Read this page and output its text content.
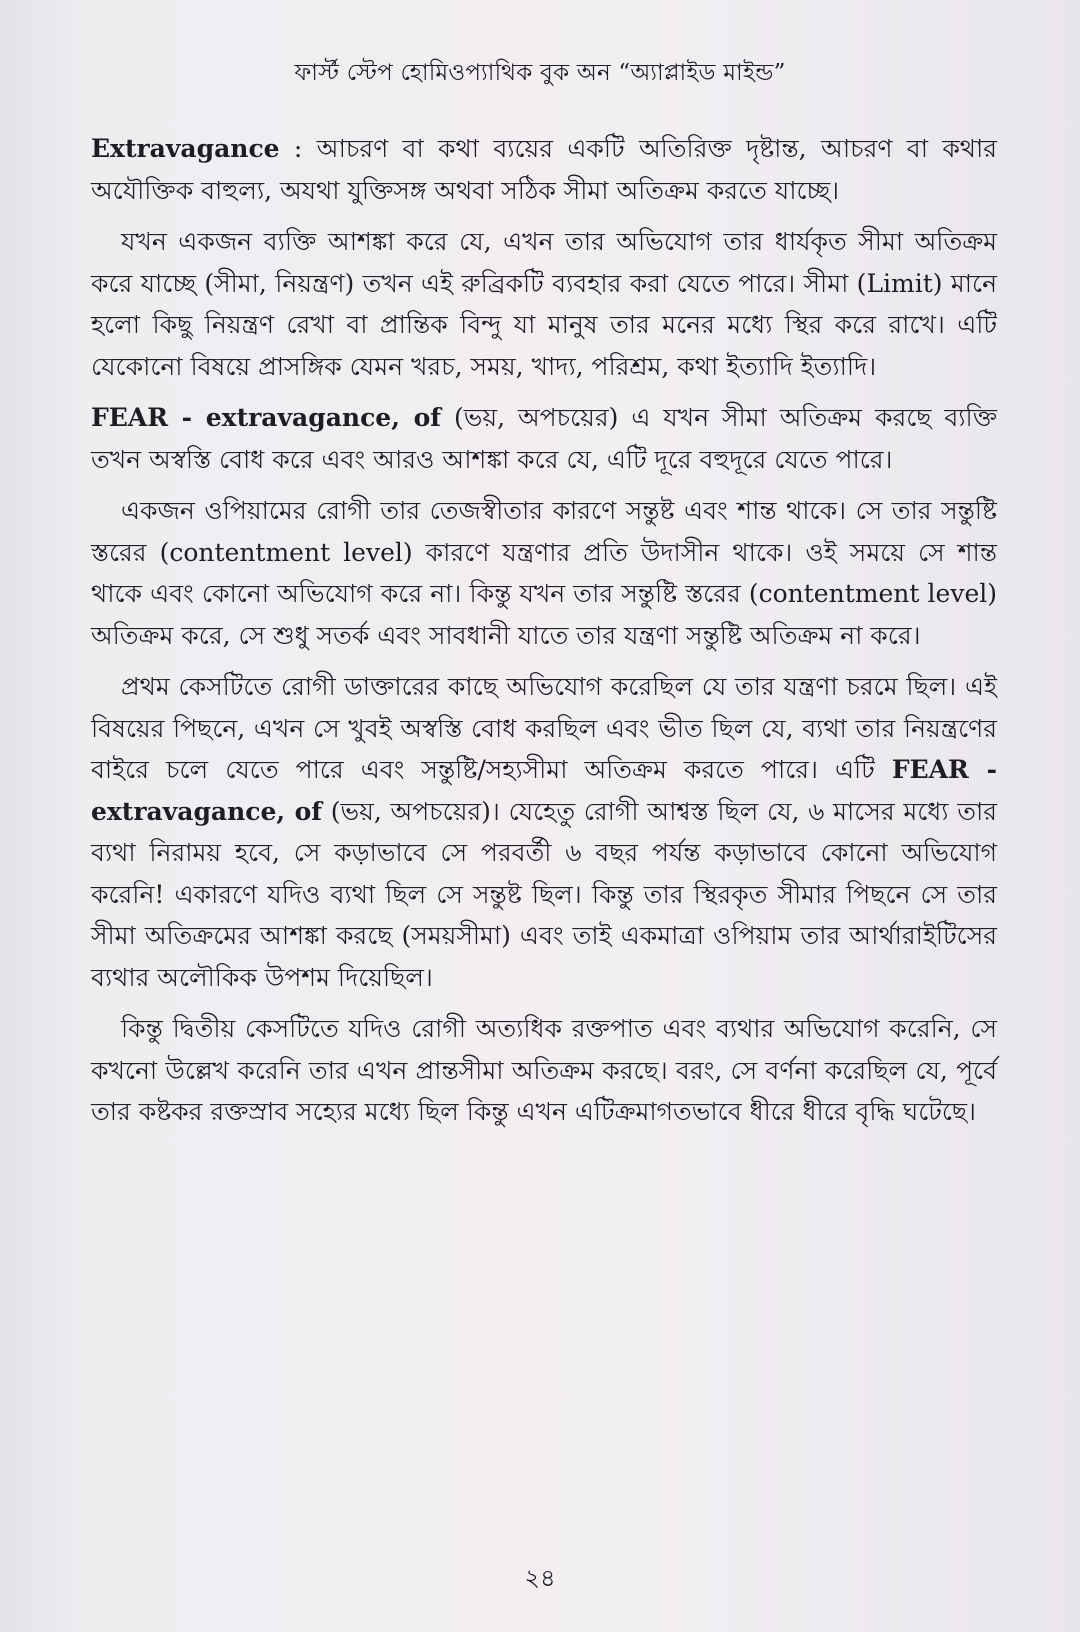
ফার্স্ট স্টেপ হোমিওপ্যাথিক বুক অন “অ্যাপ্লাইড মাইন্ড”

Extravagance : আচরণ বা কথা ব্যয়ের একটি অতিরিক্ত দৃষ্টান্ত, আচরণ বা কথার অযৌক্তিক বাহুল্য, অযথা যুক্তিসঙ্গ অথবা সঠিক সীমা অতিক্রম করতে যাচ্ছে।

যখন একজন ব্যক্তি আশঙ্কা করে যে, এখন তার অভিযোগ তার ধার্যকৃত সীমা অতিক্রম করে যাচ্ছে (সীমা, নিয়ন্ত্রণ) তখন এই রুব্রিকটি ব্যবহার করা যেতে পারে। সীমা (Limit) মানে হলো কিছু নিয়ন্ত্রণ রেখা বা প্রান্তিক বিন্দু যা মানুষ তার মনের মধ্যে স্থির করে রাখে। এটি যেকোনো বিষয়ে প্রাসঙ্গিক যেমন খরচ, সময়, খাদ্য, পরিশ্রম, কথা ইত্যাদি ইত্যাদি।

FEAR - extravagance, of (ভয়, অপচয়ের) এ যখন সীমা অতিক্রম করছে ব্যক্তি তখন অস্বস্তি বোধ করে এবং আরও আশঙ্কা করে যে, এটি দূরে বহুদূরে যেতে পারে।

একজন ওপিয়ামের রোগী তার তেজস্বীতার কারণে সন্তুষ্ট এবং শান্ত থাকে। সে তার সন্তুষ্টি স্তরের (contentment level) কারণে যন্ত্রণার প্রতি উদাসীন থাকে। ওই সময়ে সে শান্ত থাকে এবং কোনো অভিযোগ করে না। কিন্তু যখন তার সন্তুষ্টি স্তরের (contentment level) অতিক্রম করে, সে শুধু সতর্ক এবং সাবধানী যাতে তার যন্ত্রণা সন্তুষ্টি অতিক্রম না করে।

প্রথম কেসটিতে রোগী ডাক্তারের কাছে অভিযোগ করেছিল যে তার যন্ত্রণা চরমে ছিল। এই বিষয়ের পিছনে, এখন সে খুবই অস্বস্তি বোধ করছিল এবং ভীত ছিল যে, ব্যথা তার নিয়ন্ত্রণের বাইরে চলে যেতে পারে এবং সন্তুষ্টি/সহ্যসীমা অতিক্রম করতে পারে। এটি FEAR - extravagance, of (ভয়, অপচয়ের)। যেহেতু রোগী আশ্বস্ত ছিল যে, ৬ মাসের মধ্যে তার ব্যথা নিরাময় হবে, সে কড়াভাবে সে পরবর্তী ৬ বছর পর্যন্ত কড়াভাবে কোনো অভিযোগ করেনি! একারণে যদিও ব্যথা ছিল সে সন্তুষ্ট ছিল। কিন্তু তার স্থিরকৃত সীমার পিছনে সে তার সীমা অতিক্রমের আশঙ্কা করছে (সময়সীমা) এবং তাই একমাত্রা ওপিয়াম তার আর্থারাইটিসের ব্যথার অলৌকিক উপশম দিয়েছিল।

কিন্তু দ্বিতীয় কেসটিতে যদিও রোগী অত্যধিক রক্তপাত এবং ব্যথার অভিযোগ করেনি, সে কখনো উল্লেখ করেনি তার এখন প্রান্তসীমা অতিক্রম করছে। বরং, সে বর্ণনা করেছিল যে, পূর্বে তার কষ্টকর রক্তস্রাব সহ্যের মধ্যে ছিল কিন্তু এখন এটিক্রমাগতভাবে ধীরে ধীরে বৃদ্ধি ঘটেছে।

২৪
